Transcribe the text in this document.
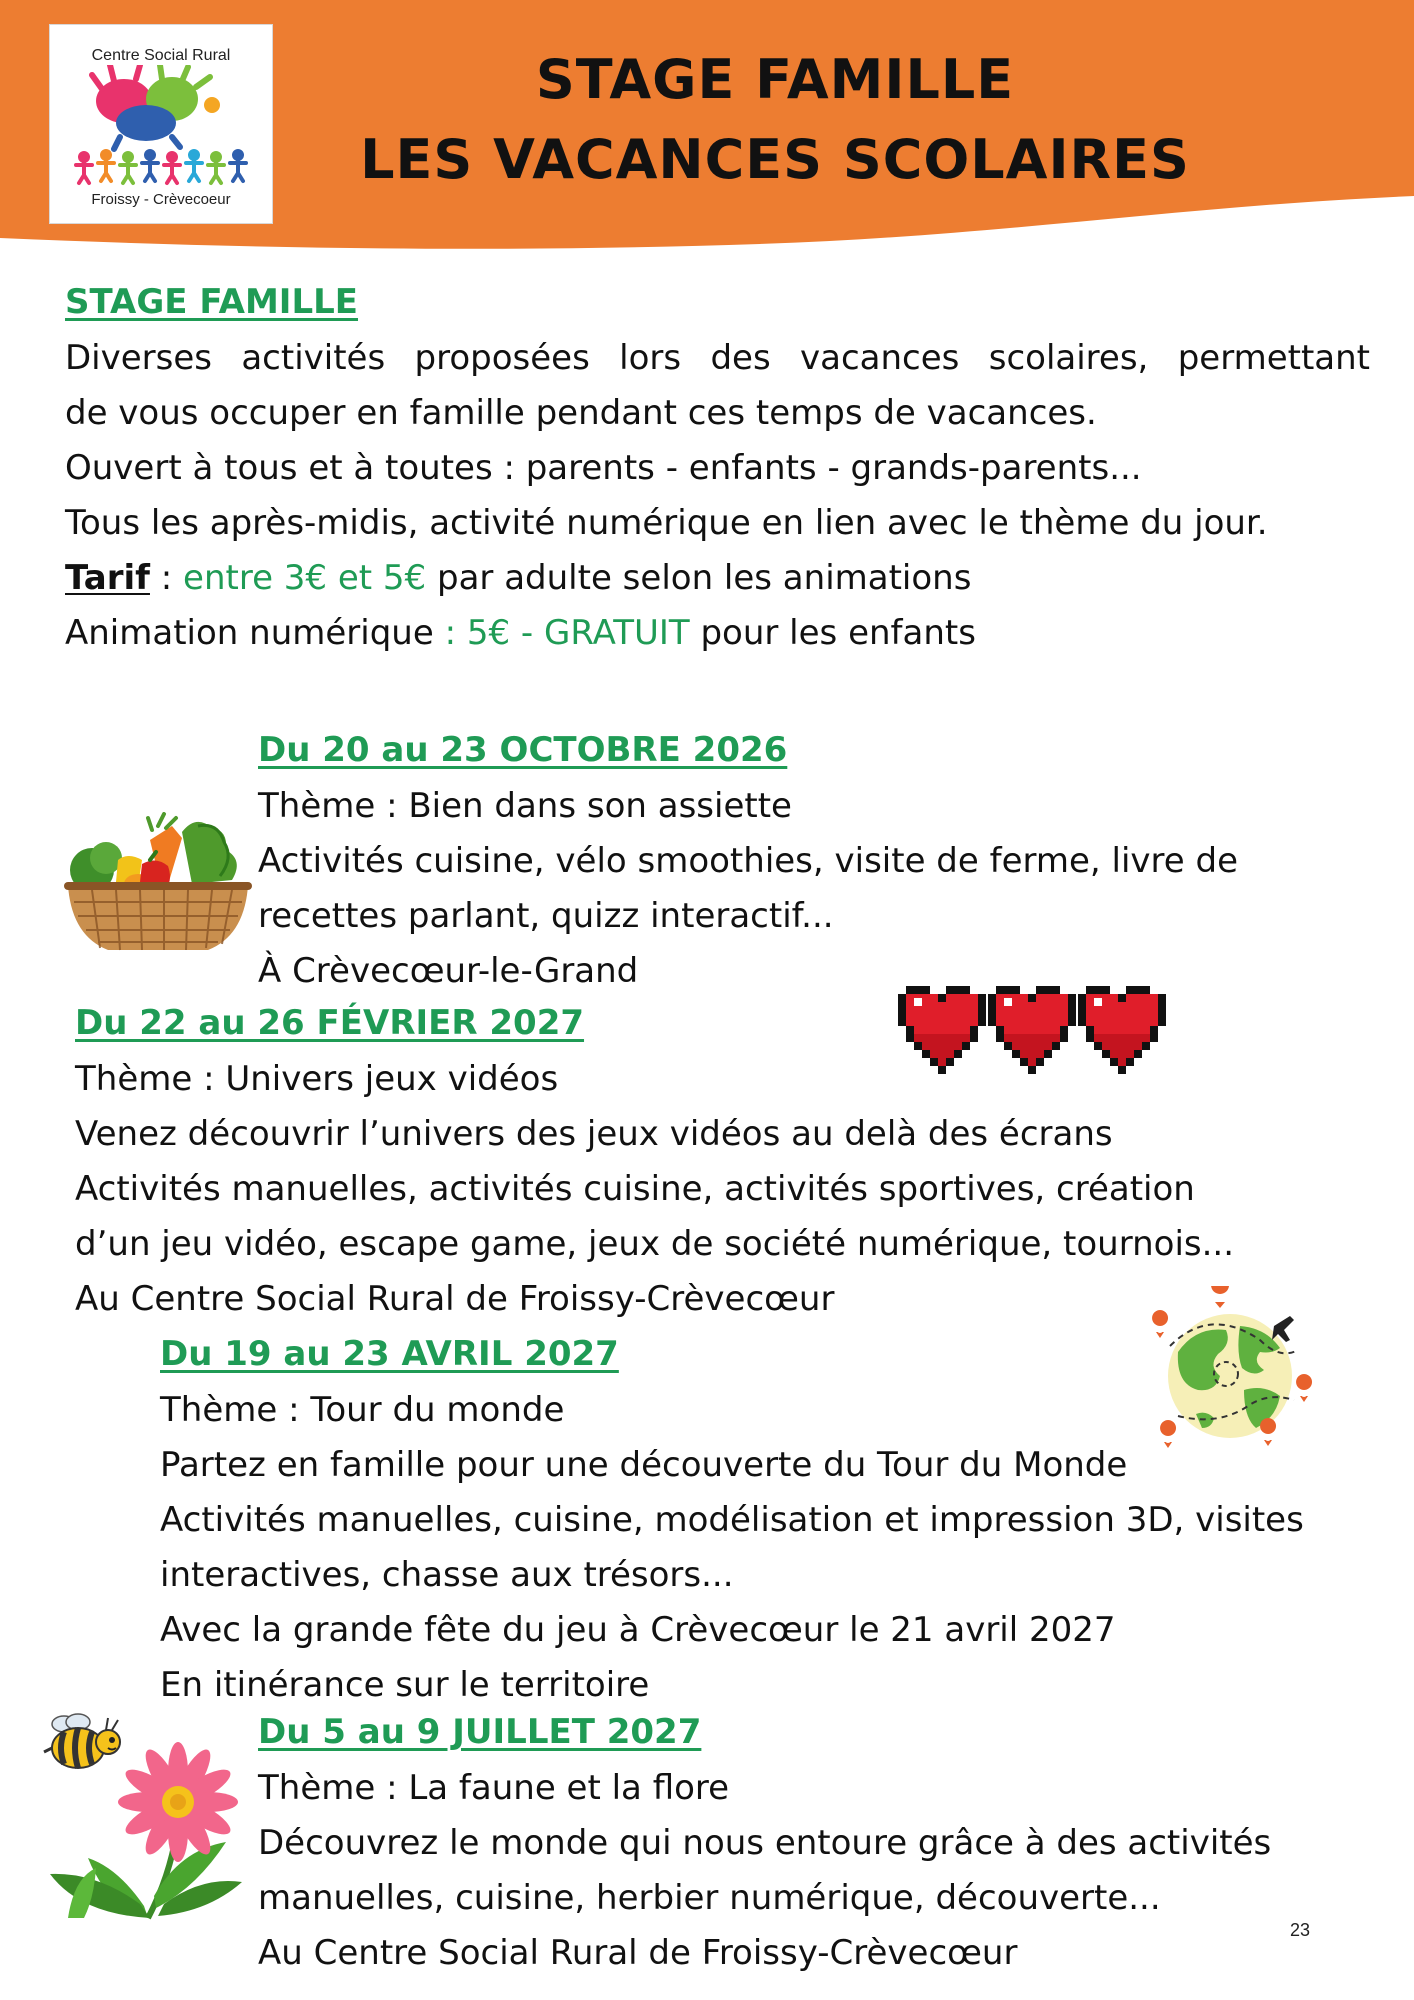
Centre Social Rural
Froissy - Crèvecoeur
STAGE FAMILLE
LES VACANCES SCOLAIRES
STAGE FAMILLE
Diverses activités proposées lors des vacances scolaires, permettant
de vous occuper en famille pendant ces temps de vacances.
Ouvert à tous et à toutes : parents - enfants - grands-parents...
Tous les après-midis, activité numérique en lien avec le thème du jour.
Tarif : entre 3€ et 5€ par adulte selon les animations
Animation numérique : 5€ - GRATUIT pour les enfants
Du 20 au 23 OCTOBRE 2026
Thème : Bien dans son assiette
Activités cuisine, vélo smoothies, visite de ferme, livre de
recettes parlant, quizz interactif...
À Crèvecœur-le-Grand
Du 22 au 26 FÉVRIER 2027
Thème : Univers jeux vidéos
Venez découvrir l’univers des jeux vidéos au delà des écrans
Activités manuelles, activités cuisine, activités sportives, création
d’un jeu vidéo, escape game, jeux de société numérique, tournois...
Au Centre Social Rural de Froissy-Crèvecœur
Du 19 au 23 AVRIL 2027
Thème : Tour du monde
Partez en famille pour une découverte du Tour du Monde
Activités manuelles, cuisine, modélisation et impression 3D, visites
interactives, chasse aux trésors...
Avec la grande fête du jeu à Crèvecœur le 21 avril 2027
En itinérance sur le territoire
Du 5 au 9 JUILLET 2027
Thème : La faune et la flore
Découvrez le monde qui nous entoure grâce à des activités
manuelles, cuisine, herbier numérique, découverte...
Au Centre Social Rural de Froissy-Crèvecœur
23
